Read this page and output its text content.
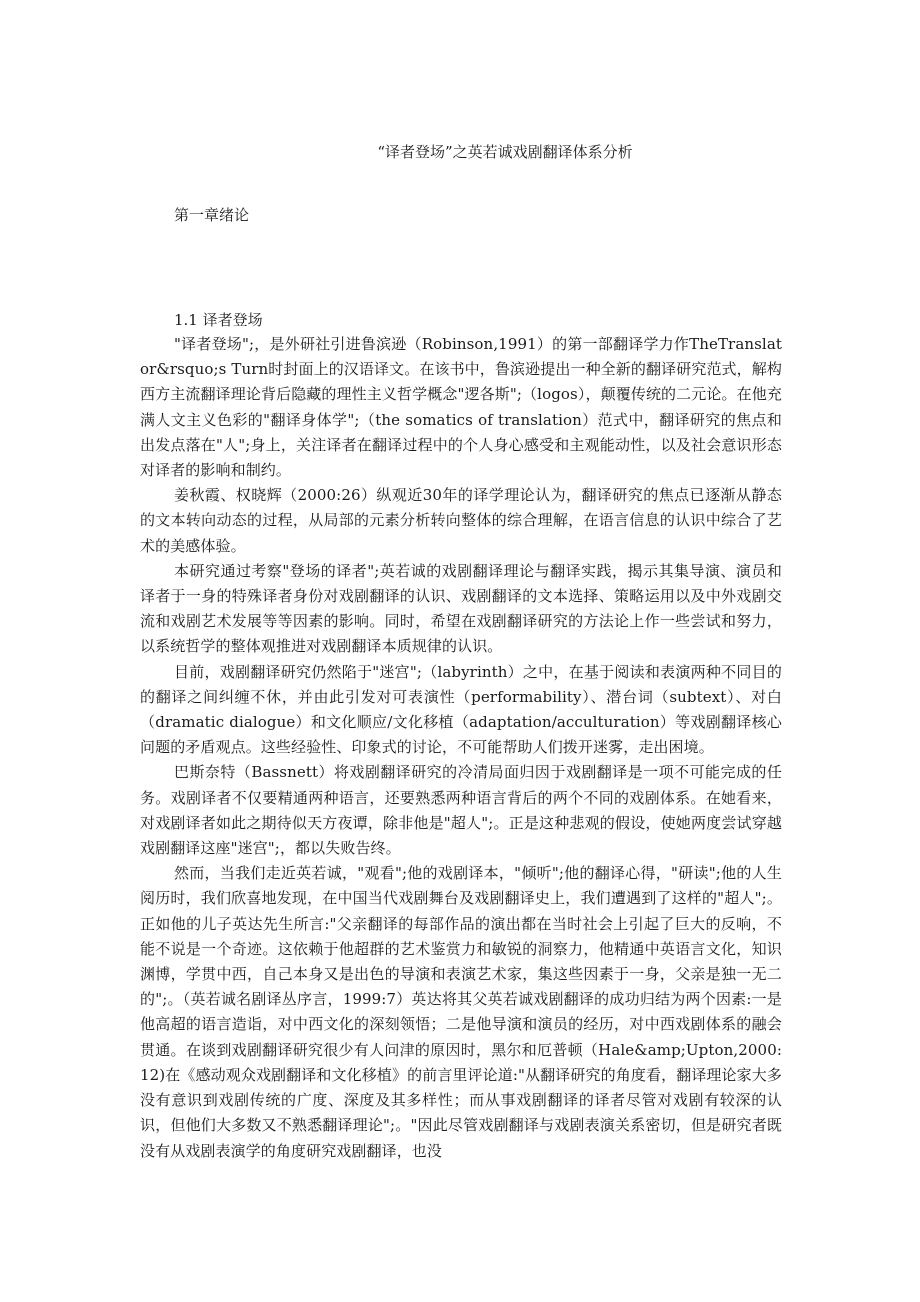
“译者登场”之英若诚戏剧翻译体系分析
第一章绪论
1.1 译者登场

"译者登场";，是外研社引进鲁滨逊（Robinson,1991）的第一部翻译学力作TheTranslator&rsquo;s Turn时封面上的汉语译文。在该书中，鲁滨逊提出一种全新的翻译研究范式，解构西方主流翻译理论背后隐藏的理性主义哲学概念"逻各斯";（logos），颠覆传统的二元论。在他充满人文主义色彩的"翻译身体学";（the somatics of translation）范式中，翻译研究的焦点和出发点落在"人";身上，关注译者在翻译过程中的个人身心感受和主观能动性，以及社会意识形态对译者的影响和制约。

姜秋霞、权晓辉（2000:26）纵观近30年的译学理论认为，翻译研究的焦点已逐渐从静态的文本转向动态的过程，从局部的元素分析转向整体的综合理解，在语言信息的认识中综合了艺术的美感体验。

本研究通过考察"登场的译者";英若诚的戏剧翻译理论与翻译实践，揭示其集导演、演员和译者于一身的特殊译者身份对戏剧翻译的认识、戏剧翻译的文本选择、策略运用以及中外戏剧交流和戏剧艺术发展等等因素的影响。同时，希望在戏剧翻译研究的方法论上作一些尝试和努力，以系统哲学的整体观推进对戏剧翻译本质规律的认识。

目前，戏剧翻译研究仍然陷于"迷宫";（labyrinth）之中，在基于阅读和表演两种不同目的的翻译之间纠缠不休，并由此引发对可表演性（performability）、潜台词（subtext）、对白（dramatic dialogue）和文化顺应/文化移植（adaptation/acculturation）等戏剧翻译核心问题的矛盾观点。这些经验性、印象式的讨论，不可能帮助人们拨开迷雾，走出困境。

巴斯奈特（Bassnett）将戏剧翻译研究的冷清局面归因于戏剧翻译是一项不可能完成的任务。戏剧译者不仅要精通两种语言，还要熟悉两种语言背后的两个不同的戏剧体系。在她看来，对戏剧译者如此之期待似天方夜谭，除非他是"超人";。正是这种悲观的假设，使她两度尝试穿越戏剧翻译这座"迷宫";，都以失败告终。

然而，当我们走近英若诚，"观看";他的戏剧译本，"倾听";他的翻译心得，"研读";他的人生阅历时，我们欣喜地发现，在中国当代戏剧舞台及戏剧翻译史上，我们遭遇到了这样的"超人";。正如他的儿子英达先生所言:"父亲翻译的每部作品的演出都在当时社会上引起了巨大的反响，不能不说是一个奇迹。这依赖于他超群的艺术鉴赏力和敏锐的洞察力，他精通中英语言文化，知识渊博，学贯中西，自己本身又是出色的导演和表演艺术家，集这些因素于一身，父亲是独一无二的";。（英若诚名剧译丛序言，1999:7）英达将其父英若诚戏剧翻译的成功归结为两个因素:一是他高超的语言造诣，对中西文化的深刻领悟；二是他导演和演员的经历，对中西戏剧体系的融会贯通。在谈到戏剧翻译研究很少有人问津的原因时，黑尔和厄普顿（Hale&amp;Upton,2000:12)在《感动观众戏剧翻译和文化移植》的前言里评论道:"从翻译研究的角度看，翻译理论家大多没有意识到戏剧传统的广度、深度及其多样性；而从事戏剧翻译的译者尽管对戏剧有较深的认识，但他们大多数又不熟悉翻译理论";。"因此尽管戏剧翻译与戏剧表演关系密切，但是研究者既没有从戏剧表演学的角度研究戏剧翻译，也没
